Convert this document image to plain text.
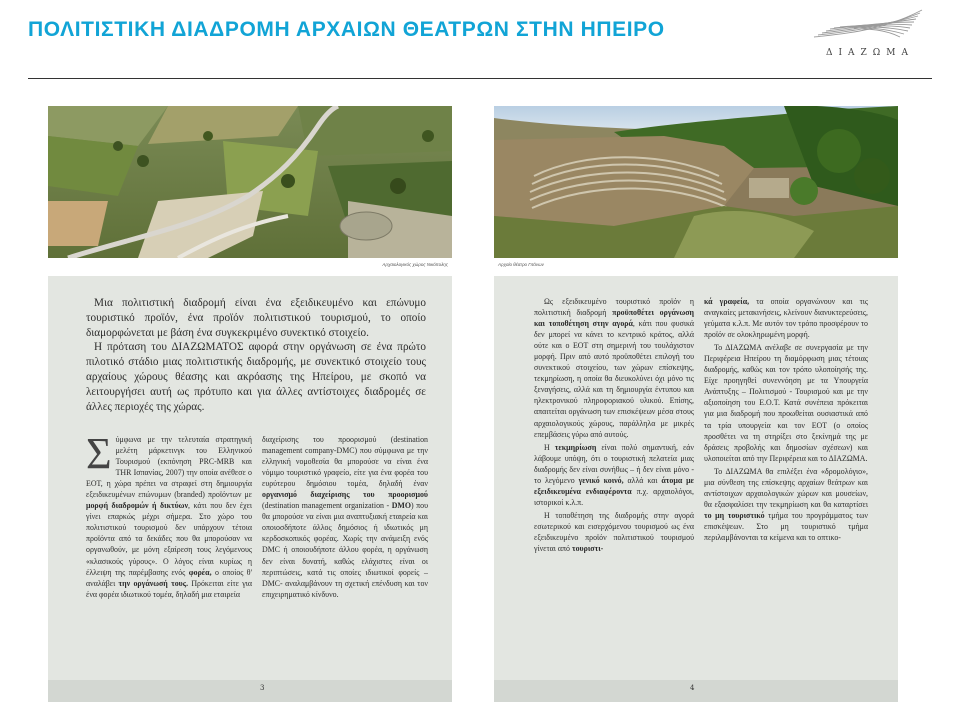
ΠΟΛΙΤΙΣΤΙΚΗ ΔΙΑΔΡΟΜΗ ΑΡΧΑΙΩΝ ΘΕΑΤΡΩΝ ΣΤΗΝ ΗΠΕΙΡΟ
ΔΙΑΖΩΜΑ
Αρχαιολογικός χώρος Νικόπολης

Μια πολιτιστική διαδρομή είναι ένα εξειδικευμένο και επώνυμο τουριστικό προϊόν, ένα προϊόν πολιτιστικού τουρισμού, το οποίο διαμορφώνεται με βάση ένα συγκεκριμένο συνεκτικό στοιχείο.

Η πρόταση του ΔΙΑΖΩΜΑΤΟΣ αφορά στην οργάνωση σε ένα πρώτο πιλοτικό στάδιο μιας πολιτιστικής διαδρομής, με συνεκτικό στοιχείο τους αρχαίους χώρους θέασης και ακρόασης της Ηπείρου, με σκοπό να λειτουργήσει αυτή ως πρότυπο και για άλλες αντίστοιχες διαδρομές σε άλλες περιοχές της χώρας.

Σύμφωνα με την τελευταία στρατηγική μελέτη μάρκετινγκ του Ελληνικού Τουρισμού (εκπόνηση PRC-MRB και THR Ισπανίας, 2007) την οποία ανέθεσε ο ΕΟΤ, η χώρα πρέπει να στραφεί στη δημιουργία εξειδικευμένων επώνυμων (branded) προϊόντων με μορφή διαδρομών ή δικτύων, κάτι που δεν έχει γίνει επαρκώς μέχρι σήμερα. Στο χώρο του πολιτιστικού τουρισμού δεν υπάρχουν τέτοια προϊόντα από τα δεκάδες που θα μπορούσαν να οργανωθούν, με μόνη εξαίρεση τους λεγόμενους «κλασικούς γύρους». Ο λόγος είναι κυρίως η έλλειψη της παρέμβασης ενός φορέα, ο οποίος θ' αναλάβει την οργάνωσή τους. Πρόκειται είτε για ένα φορέα ιδιωτικού τομέα, δηλαδή μια εταιρεία

διαχείρισης του προορισμού (destination management company-DMC) που σύμφωνα με την ελληνική νομοθεσία θα μπορούσε να είναι ένα νόμιμο τουριστικό γραφείο, είτε για ένα φορέα του ευρύτερου δημόσιου τομέα, δηλαδή έναν οργανισμό διαχείρισης του προορισμού (destination management organization - DMO) που θα μπορούσε να είναι μια αναπτυξιακή εταιρεία και οποιοσδήποτε άλλος δημόσιος ή ιδιωτικός μη κερδοσκοπικός φορέας. Χωρίς την ανάμειξη ενός DMC ή οποιουδήποτε άλλου φορέα, η οργάνωση δεν είναι δυνατή, καθώς ελάχιστες είναι οι περιπτώσεις, κατά τις οποίες ιδιωτικοί φορείς –DMC- αναλαμβάνουν τη σχετική επένδυση και τον επιχειρηματικό κίνδυνο.

3
Αρχαίο θέατρο Γιτάνων

Ως εξειδικευμένο τουριστικό προϊόν η πολιτιστική διαδρομή προϋποθέτει οργάνωση και τοποθέτηση στην αγορά, κάτι που φυσικά δεν μπορεί να κάνει το κεντρικό κράτος, αλλά ούτε και ο ΕΟΤ στη σημερινή του τουλάχιστον μορφή. Πριν από αυτό προϋποθέτει επιλογή του συνεκτικού στοιχείου, των χώρων επίσκεψης, τεκμηρίωση, η οποία θα διευκολύνει όχι μόνο τις ξεναγήσεις, αλλά και τη δημιουργία έντυπου και ηλεκτρονικού πληροφοριακού υλικού. Επίσης, απαιτείται οργάνωση των επισκέψεων μέσα στους αρχαιολογικούς χώρους, παράλληλα με μικρές επεμβάσεις γύρω από αυτούς.

Η τεκμηρίωση είναι πολύ σημαντική, εάν λάβουμε υπόψη, ότι ο τουριστική πελατεία μιας διαδρομής δεν είναι συνήθως – ή δεν είναι μόνο - το λεγόμενο γενικό κοινό, αλλά και άτομα με εξειδικευμένα ενδιαφέροντα π.χ. αρχαιολόγοι, ιστορικοί κ.λ.π.

Η τοποθέτηση της διαδρομής στην αγορά εσωτερικού και εισερχόμενου τουρισμού ως ένα εξειδικευμένο προϊόν πολιτιστικού τουρισμού γίνεται από τουριστι-

κά γραφεία, τα οποία οργανώνουν και τις αναγκαίες μετακινήσεις, κλείνουν διανυκτερεύσεις, γεύματα κ.λ.π. Με αυτόν τον τρόπο προσφέρουν το προϊόν σε ολοκληρωμένη μορφή.

Το ΔΙΑΖΩΜΑ ανέλαβε σε συνεργασία με την Περιφέρεια Ηπείρου τη διαμόρφωση μιας τέτοιας διαδρομής, καθώς και τον τρόπο υλοποίησής της. Είχε προηγηθεί συνεννόηση με τα Υπουργεία Ανάπτυξης – Πολιτισμού - Τουρισμού και με την αξιοποίηση του Ε.Ο.Τ. Κατά συνέπεια πρόκειται για μια διαδρομή που προωθείται ουσιαστικά από τα τρία υπουργεία και τον ΕΟΤ (ο οποίος προσθέτει να τη στηρίξει στο ξεκίνημά της με δράσεις προβολής και δημοσίων σχέσεων) και υλοποιείται από την Περιφέρεια και το ΔΙΑΖΩΜΑ.

Το ΔΙΑΖΩΜΑ θα επιλέξει ένα «δρομολόγιο», μια σύνθεση της επίσκεψης αρχαίων θεάτρων και αντίστοιχων αρχαιολογικών χώρων και μουσείων, θα εξασφαλίσει την τεκμηρίωση και θα καταρτίσει το μη τουριστικό τμήμα του προγράμματος των επισκέψεων. Στο μη τουριστικό τμήμα περιλαμβάνονται τα κείμενα και το οπτικο-

4
